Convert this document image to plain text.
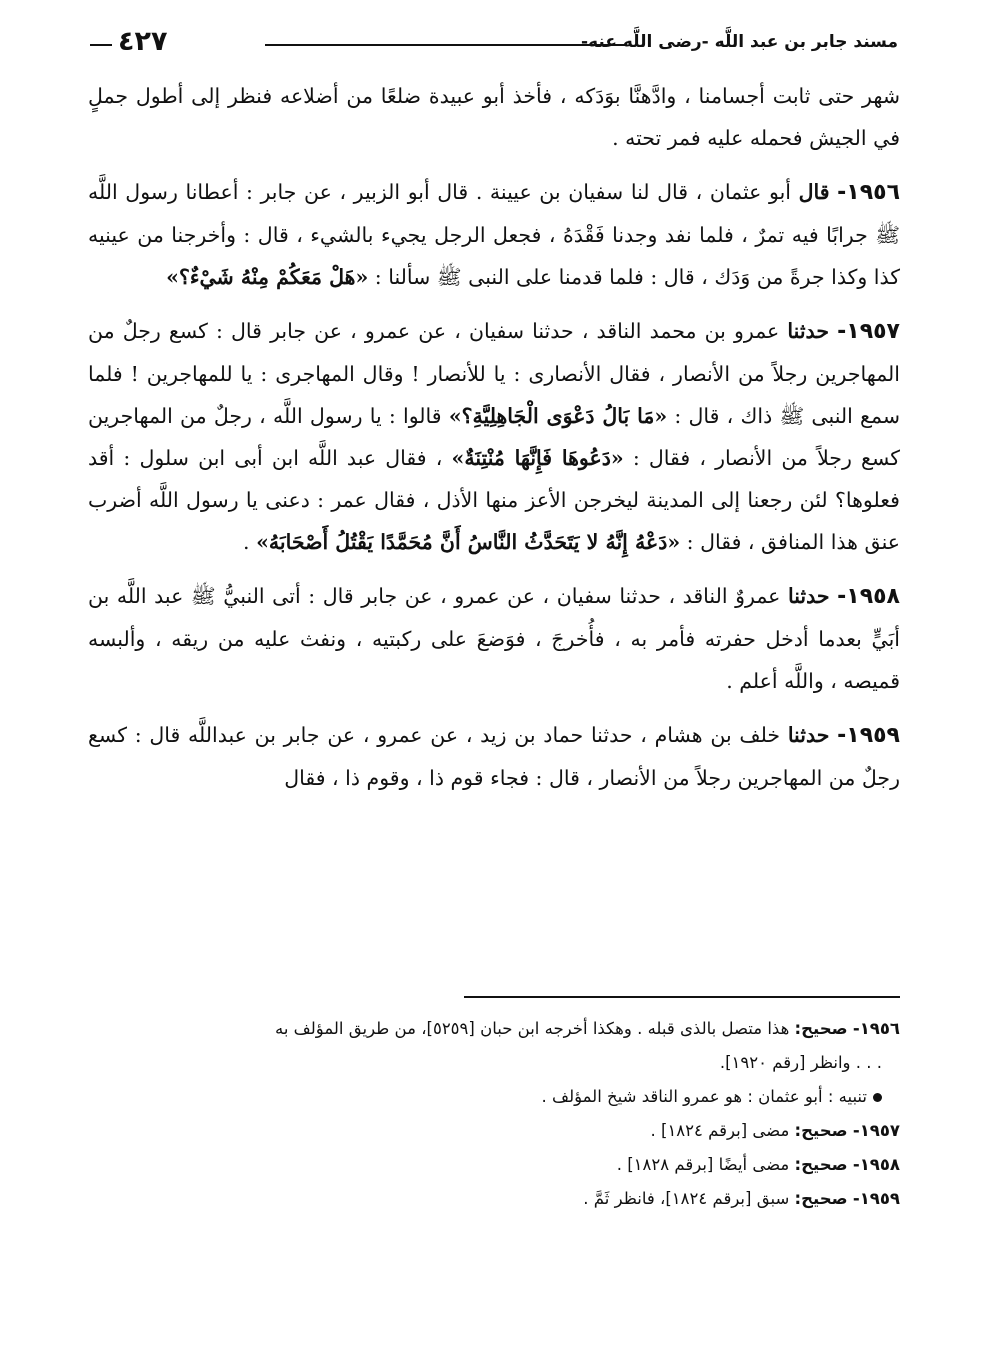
مسند جابر بن عبد اللَّه -رضى اللَّه عنه-
٤٢٧

شهر حتى ثابت أجسامنا ، وادَّهنَّا بوَدَكه ، فأخذ أبو عبيدة ضلعًا من أضلاعه فنظر إلى أطول جملٍ في الجيش فحمله عليه فمر تحته .

١٩٥٦- قال أبو عثمان ، قال لنا سفيان بن عيينة . قال أبو الزبير ، عن جابر : أعطانا رسول اللَّه ﷺ جرابًا فيه تمرٌ ، فلما نفد وجدنا فَقْدَهُ ، فجعل الرجل يجيء بالشيء ، قال : وأخرجنا من عينيه كذا وكذا جرةً من وَدَك ، قال : فلما قدمنا على النبى ﷺ سألنا : «هَلْ مَعَكُمْ مِنْهُ شَيْءٌ؟»

١٩٥٧- حدثنا عمرو بن محمد الناقد ، حدثنا سفيان ، عن عمرو ، عن جابر قال : كسع رجلٌ من المهاجرين رجلاً من الأنصار ، فقال الأنصارى : يا للأنصار ! وقال المهاجرى : يا للمهاجرين ! فلما سمع النبى ﷺ ذاك ، قال : «مَا بَالُ دَعْوَى الْجَاهِلِيَّةِ؟» قالوا : يا رسول اللَّه ، رجلٌ من المهاجرين كسع رجلاً من الأنصار ، فقال : «دَعُوهَا فَإِنَّهَا مُنْتِنَةٌ» ، فقال عبد اللَّه ابن أبى ابن سلول : أقد فعلوها؟ لئن رجعنا إلى المدينة ليخرجن الأعز منها الأذل ، فقال عمر : دعنى يا رسول اللَّه أضرب عنق هذا المنافق ، فقال : «دَعْهُ إِنَّهُ لا يَتَحَدَّثُ النَّاسُ أَنَّ مُحَمَّدًا يَقْتُلُ أَصْحَابَهُ» .

١٩٥٨- حدثنا عمروٌ الناقد ، حدثنا سفيان ، عن عمرو ، عن جابر قال : أتى النبيُّ ﷺ عبد اللَّه بن أبَيٍّ بعدما أدخل حفرته فأمر به ، فأُخرجَ ، فوَضعَ على ركبتيه ، ونفث عليه من ريقه ، وألبسه قميصه ، واللَّه أعلم .

١٩٥٩- حدثنا خلف بن هشام ، حدثنا حماد بن زيد ، عن عمرو ، عن جابر بن عبداللَّه قال : كسع رجلٌ من المهاجرين رجلاً من الأنصار ، قال : فجاء قوم ذا ، وقوم ذا ، فقال

١٩٥٦- صحيح: هذا متصل بالذى قبله . وهكذا أخرجه ابن حبان [٥٢٥٩]، من طريق المؤلف به

. . . وانظر [رقم ١٩٢٠].

تنبيه : أبو عثمان : هو عمرو الناقد شيخ المؤلف .

١٩٥٧- صحيح: مضى [برقم ١٨٢٤] .

١٩٥٨- صحيح: مضى أيضًا [برقم ١٨٢٨] .

١٩٥٩- صحيح: سبق [برقم ١٨٢٤]، فانظر ثَمَّ .
